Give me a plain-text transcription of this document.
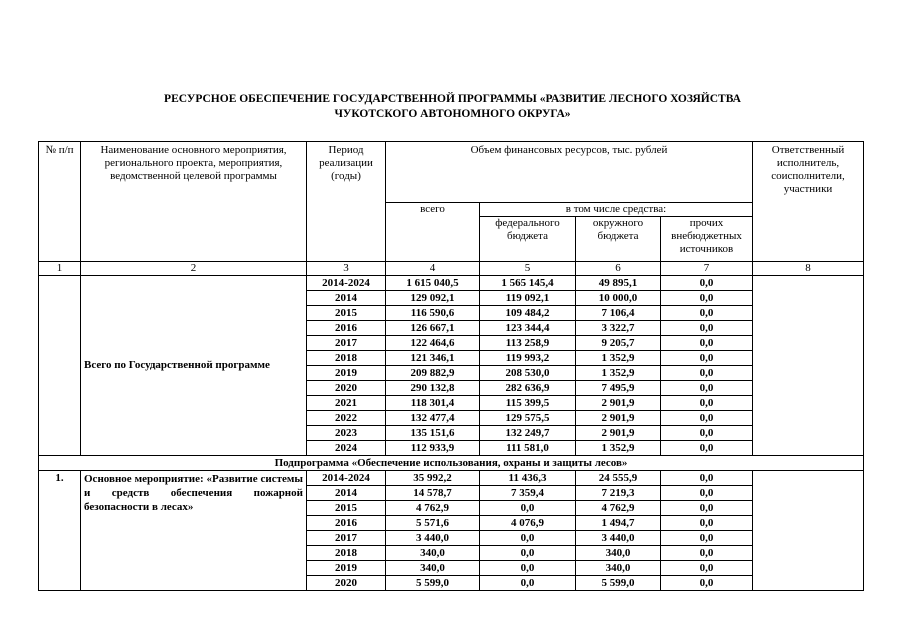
РЕСУРСНОЕ ОБЕСПЕЧЕНИЕ ГОСУДАРСТВЕННОЙ ПРОГРАММЫ «РАЗВИТИЕ ЛЕСНОГО ХОЗЯЙСТВА
ЧУКОТСКОГО АВТОНОМНОГО ОКРУГА»
№ п/п	Наименование основного мероприятия, регионального проекта, мероприятия, ведомственной целевой программы	Период реализации (годы)	Объем финансовых ресурсов, тыс. рублей				Ответственный исполнитель, соисполнители, участники
			всего	в том числе средства:			
				федерального бюджета	окружного бюджета	прочих внебюджетных источников	
1	2	3	4	5	6	7	8
	Всего по Государственной программе	2014-2024	1 615 040,5	1 565 145,4	49 895,1	0,0	
		2014	129 092,1	119 092,1	10 000,0	0,0	
		2015	116 590,6	109 484,2	7 106,4	0,0	
		2016	126 667,1	123 344,4	3 322,7	0,0	
		2017	122 464,6	113 258,9	9 205,7	0,0	
		2018	121 346,1	119 993,2	1 352,9	0,0	
		2019	209 882,9	208 530,0	1 352,9	0,0	
		2020	290 132,8	282 636,9	7 495,9	0,0	
		2021	118 301,4	115 399,5	2 901,9	0,0	
		2022	132 477,4	129 575,5	2 901,9	0,0	
		2023	135 151,6	132 249,7	2 901,9	0,0	
		2024	112 933,9	111 581,0	1 352,9	0,0	
Подпрограмма «Обеспечение использования, охраны и защиты лесов»							
1.	Основное мероприятие: «Развитие системы и средств обеспечения пожарной безопасности в лесах»	2014-2024	35 992,2	11 436,3	24 555,9	0,0	
		2014	14 578,7	7 359,4	7 219,3	0,0	
		2015	4 762,9	0,0	4 762,9	0,0	
		2016	5 571,6	4 076,9	1 494,7	0,0	
		2017	3 440,0	0,0	3 440,0	0,0	
		2018	340,0	0,0	340,0	0,0	
		2019	340,0	0,0	340,0	0,0	
		2020	5 599,0	0,0	5 599,0	0,0	
